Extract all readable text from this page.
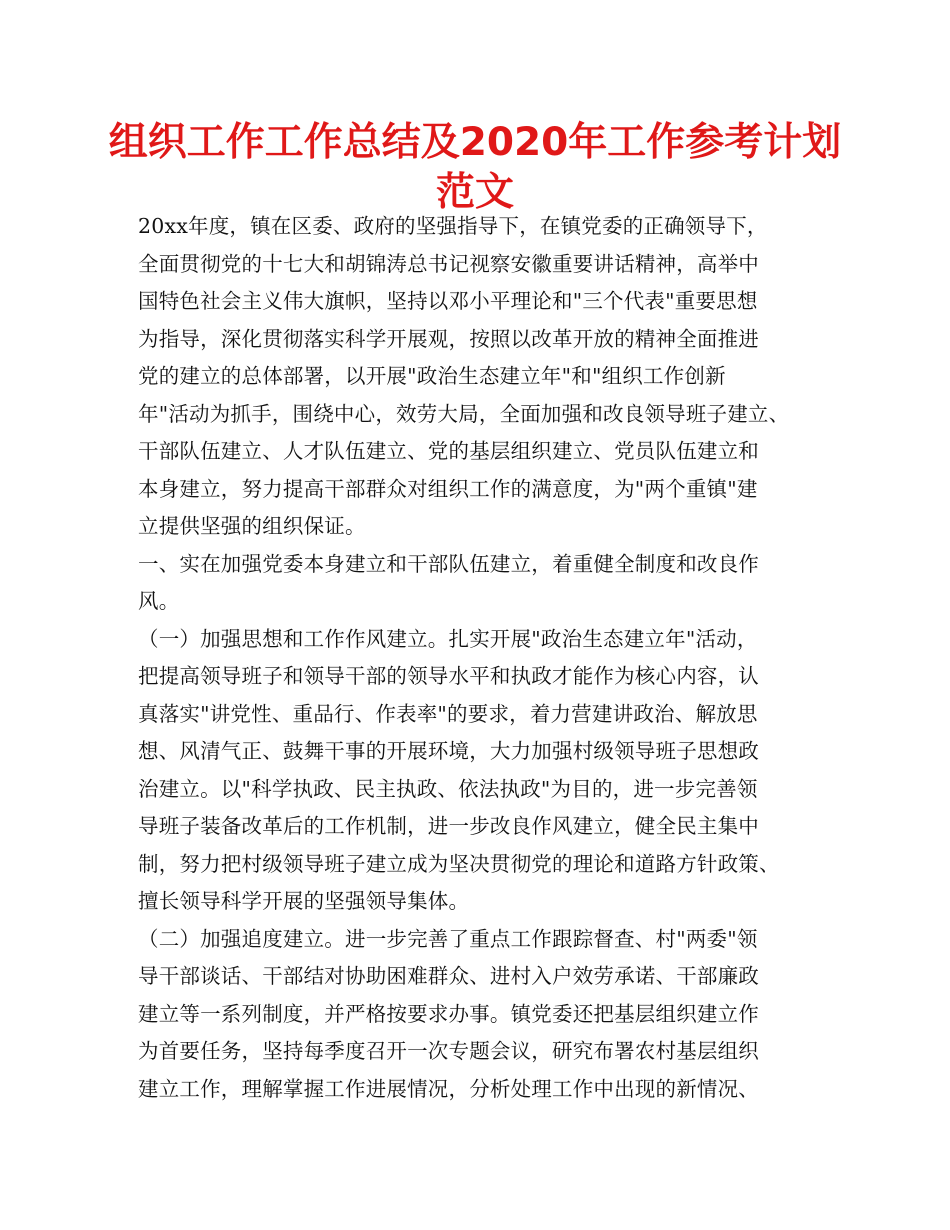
组织工作工作总结及2020年工作参考计划
范文
20xx年度，镇在区委、政府的坚强指导下，在镇党委的正确领导下，
全面贯彻党的十七大和胡锦涛总书记视察安徽重要讲话精神，高举中
国特色社会主义伟大旗帜，坚持以邓小平理论和"三个代表"重要思想
为指导，深化贯彻落实科学开展观，按照以改革开放的精神全面推进
党的建立的总体部署，以开展"政治生态建立年"和"组织工作创新
年"活动为抓手，围绕中心，效劳大局，全面加强和改良领导班子建立、
干部队伍建立、人才队伍建立、党的基层组织建立、党员队伍建立和
本身建立，努力提高干部群众对组织工作的满意度，为"两个重镇"建
立提供坚强的组织保证。
一、实在加强党委本身建立和干部队伍建立，着重健全制度和改良作
风。
（一）加强思想和工作作风建立。扎实开展"政治生态建立年"活动，
把提高领导班子和领导干部的领导水平和执政才能作为核心内容，认
真落实"讲党性、重品行、作表率"的要求，着力营建讲政治、解放思
想、风清气正、鼓舞干事的开展环境，大力加强村级领导班子思想政
治建立。以"科学执政、民主执政、依法执政"为目的，进一步完善领
导班子装备改革后的工作机制，进一步改良作风建立，健全民主集中
制，努力把村级领导班子建立成为坚决贯彻党的理论和道路方针政策、
擅长领导科学开展的坚强领导集体。
（二）加强追度建立。进一步完善了重点工作跟踪督查、村"两委"领
导干部谈话、干部结对协助困难群众、进村入户效劳承诺、干部廉政
建立等一系列制度，并严格按要求办事。镇党委还把基层组织建立作
为首要任务，坚持每季度召开一次专题会议，研究布署农村基层组织
建立工作，理解掌握工作进展情况，分析处理工作中出现的新情况、
